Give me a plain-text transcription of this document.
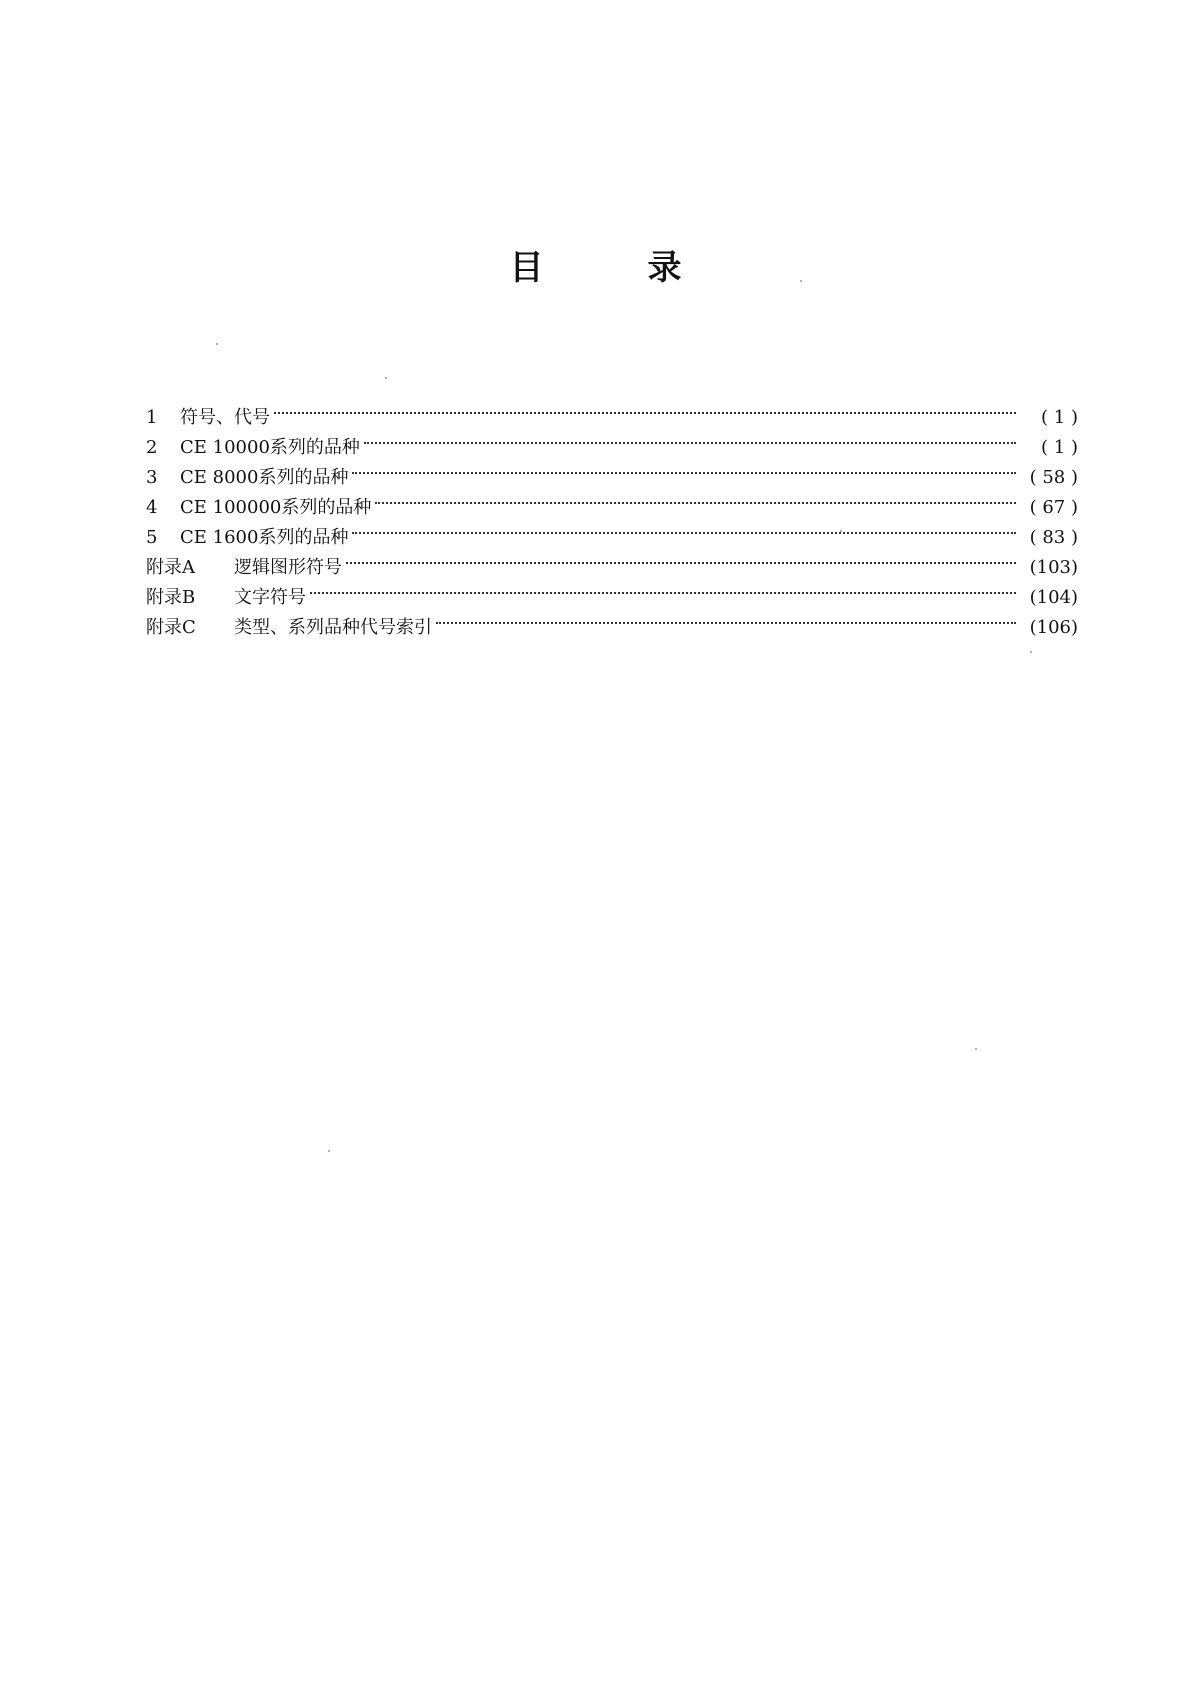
目	录
1	符号、代号	( 1 )
2	CE 10000系列的品种	( 1 )
3	CE 8000系列的品种	( 58 )
4	CE 100000系列的品种	( 67 )
5	CE 1600系列的品种	( 83 )
附录A	逻辑图形符号	(103)
附录B	文字符号	(104)
附录C	类型、系列品种代号索引	(106)
